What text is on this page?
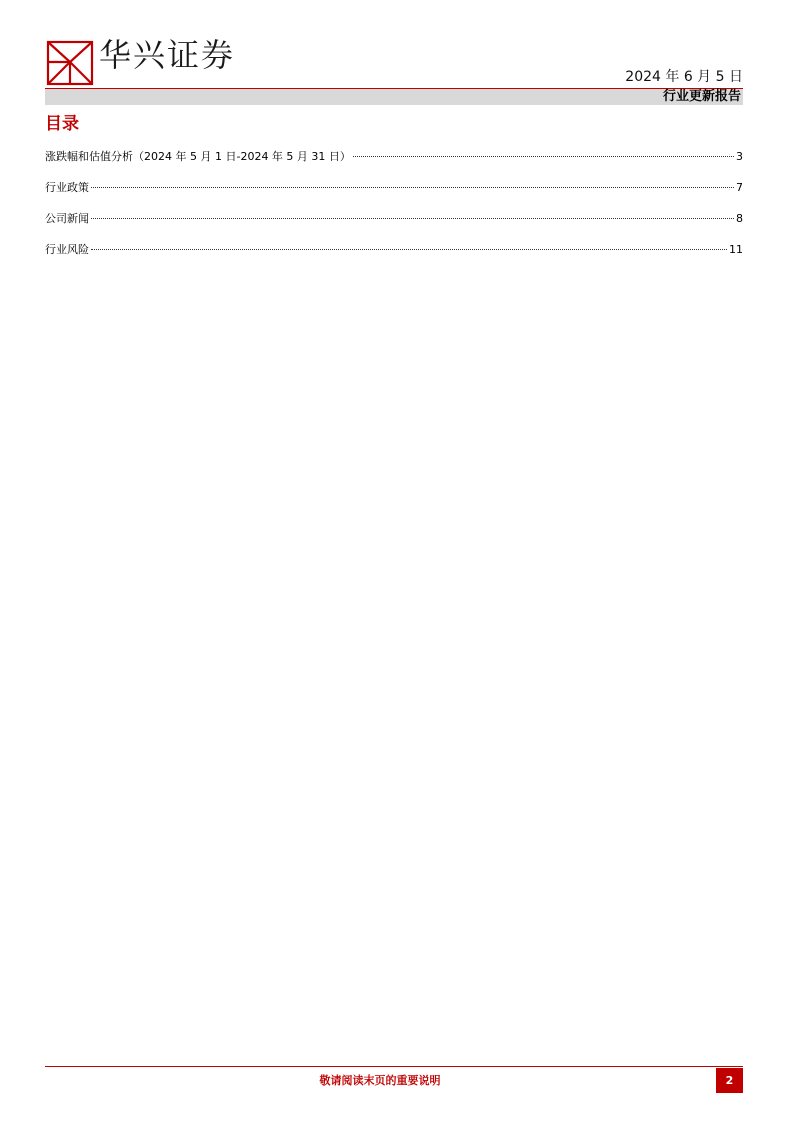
华兴证券
2024 年 6 月 5 日
行业更新报告
目录
涨跌幅和估值分析（2024 年 5 月 1 日-2024 年 5 月 31 日）	3
行业政策	7
公司新闻	8
行业风险	11
敬请阅读末页的重要说明	2
